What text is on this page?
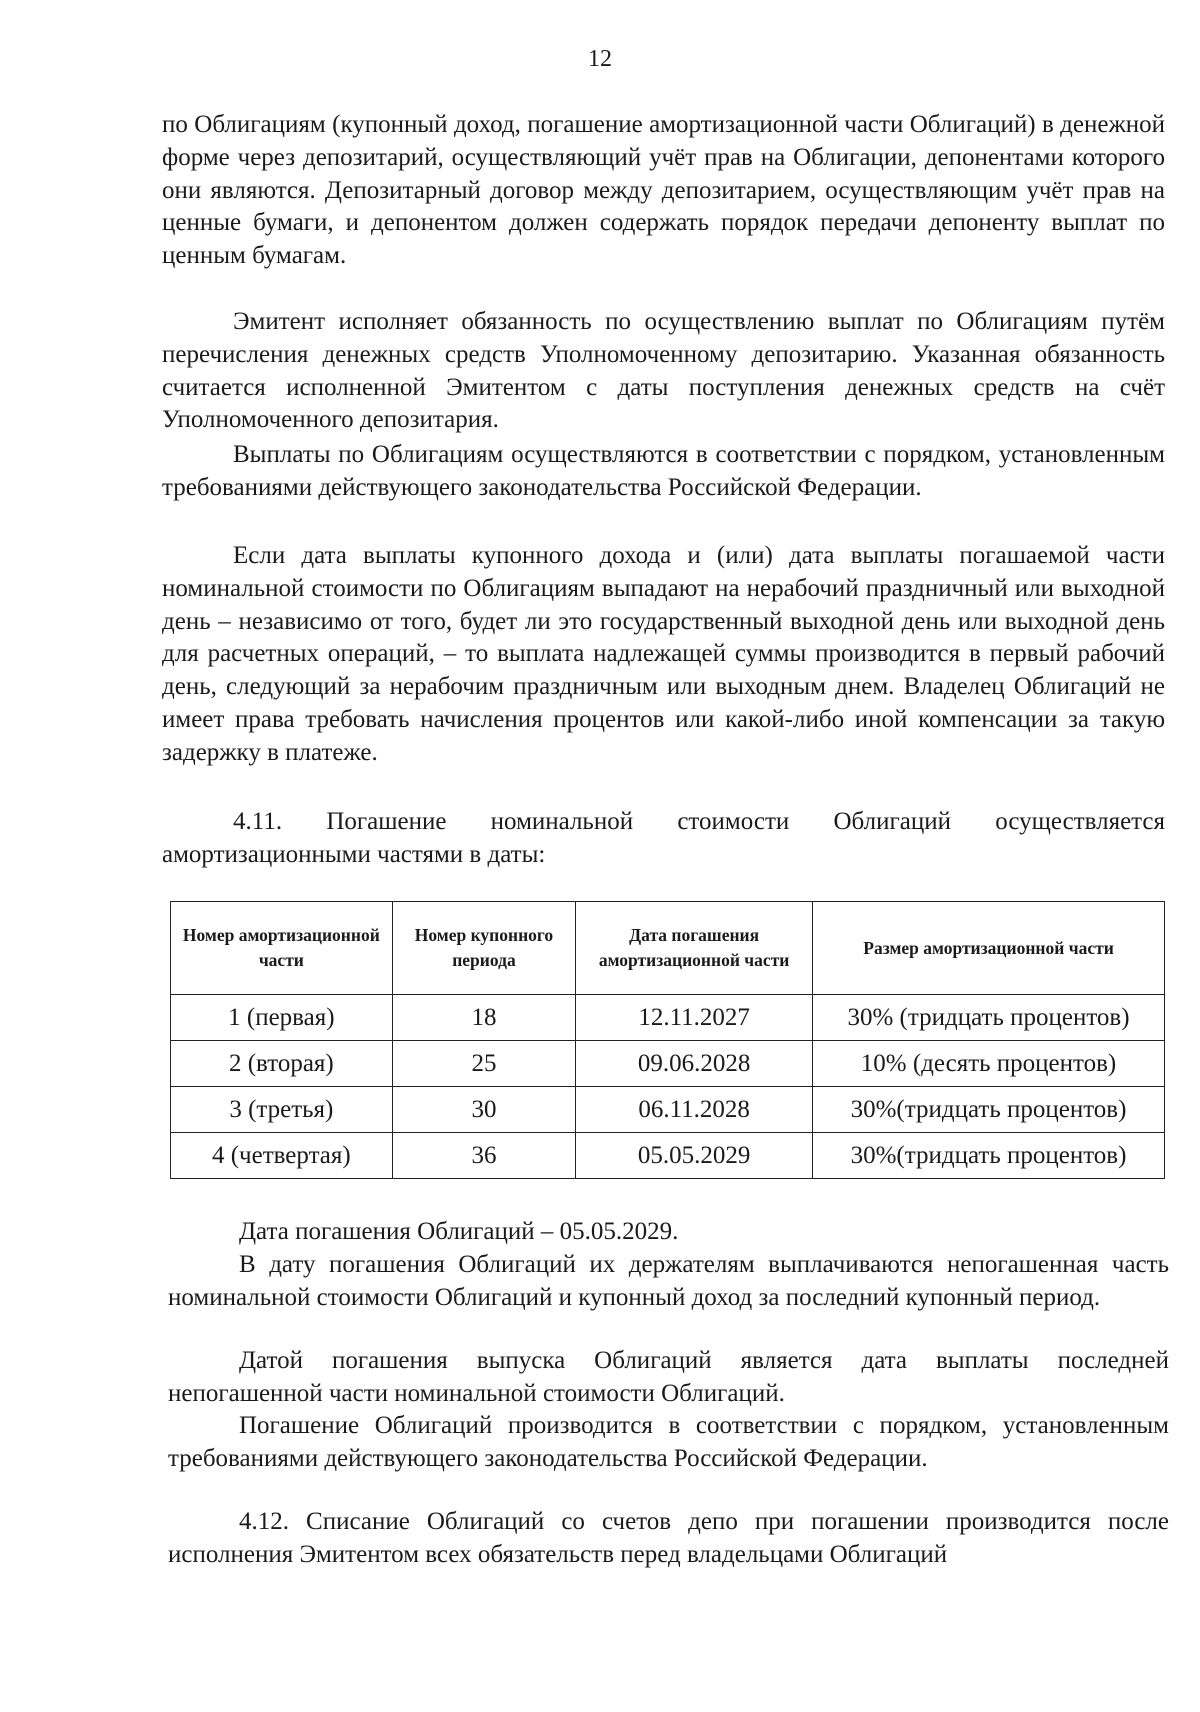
12

по Облигациям (купонный доход, погашение амортизационной части Облигаций) в денежной форме через депозитарий, осуществляющий учёт прав на Облигации, депонентами которого они являются. Депозитарный договор между депозитарием, осуществляющим учёт прав на ценные бумаги, и депонентом должен содержать порядок передачи депоненту выплат по ценным бумагам.

Эмитент исполняет обязанность по осуществлению выплат по Облигациям путём перечисления денежных средств Уполномоченному депозитарию. Указанная обязанность считается исполненной Эмитентом с даты поступления денежных средств на счёт Уполномоченного депозитария.

Выплаты по Облигациям осуществляются в соответствии с порядком, установленным требованиями действующего законодательства Российской Федерации.

Если дата выплаты купонного дохода и (или) дата выплаты погашаемой части номинальной стоимости по Облигациям выпадают на нерабочий праздничный или выходной день – независимо от того, будет ли это государственный выходной день или выходной день для расчетных операций, – то выплата надлежащей суммы производится в первый рабочий день, следующий за нерабочим праздничным или выходным днем. Владелец Облигаций не имеет права требовать начисления процентов или какой-либо иной компенсации за такую задержку в платеже.

4.11. Погашение номинальной стоимости Облигаций осуществляется амортизационными частями в даты:

Номер амортизационной части	Номер купонного периода	Дата погашения амортизационной части	Размер амортизационной части
1 (первая)	18	12.11.2027	30% (тридцать процентов)
2 (вторая)	25	09.06.2028	10% (десять процентов)
3 (третья)	30	06.11.2028	30%(тридцать процентов)
4 (четвертая)	36	05.05.2029	30%(тридцать процентов)

Дата погашения Облигаций – 05.05.2029.

В дату погашения Облигаций их держателям выплачиваются непогашенная часть номинальной стоимости Облигаций и купонный доход за последний купонный период.

Датой погашения выпуска Облигаций является дата выплаты последней непогашенной части номинальной стоимости Облигаций.

Погашение Облигаций производится в соответствии с порядком, установленным требованиями действующего законодательства Российской Федерации.

4.12. Списание Облигаций со счетов депо при погашении производится после исполнения Эмитентом всех обязательств перед владельцами Облигаций
